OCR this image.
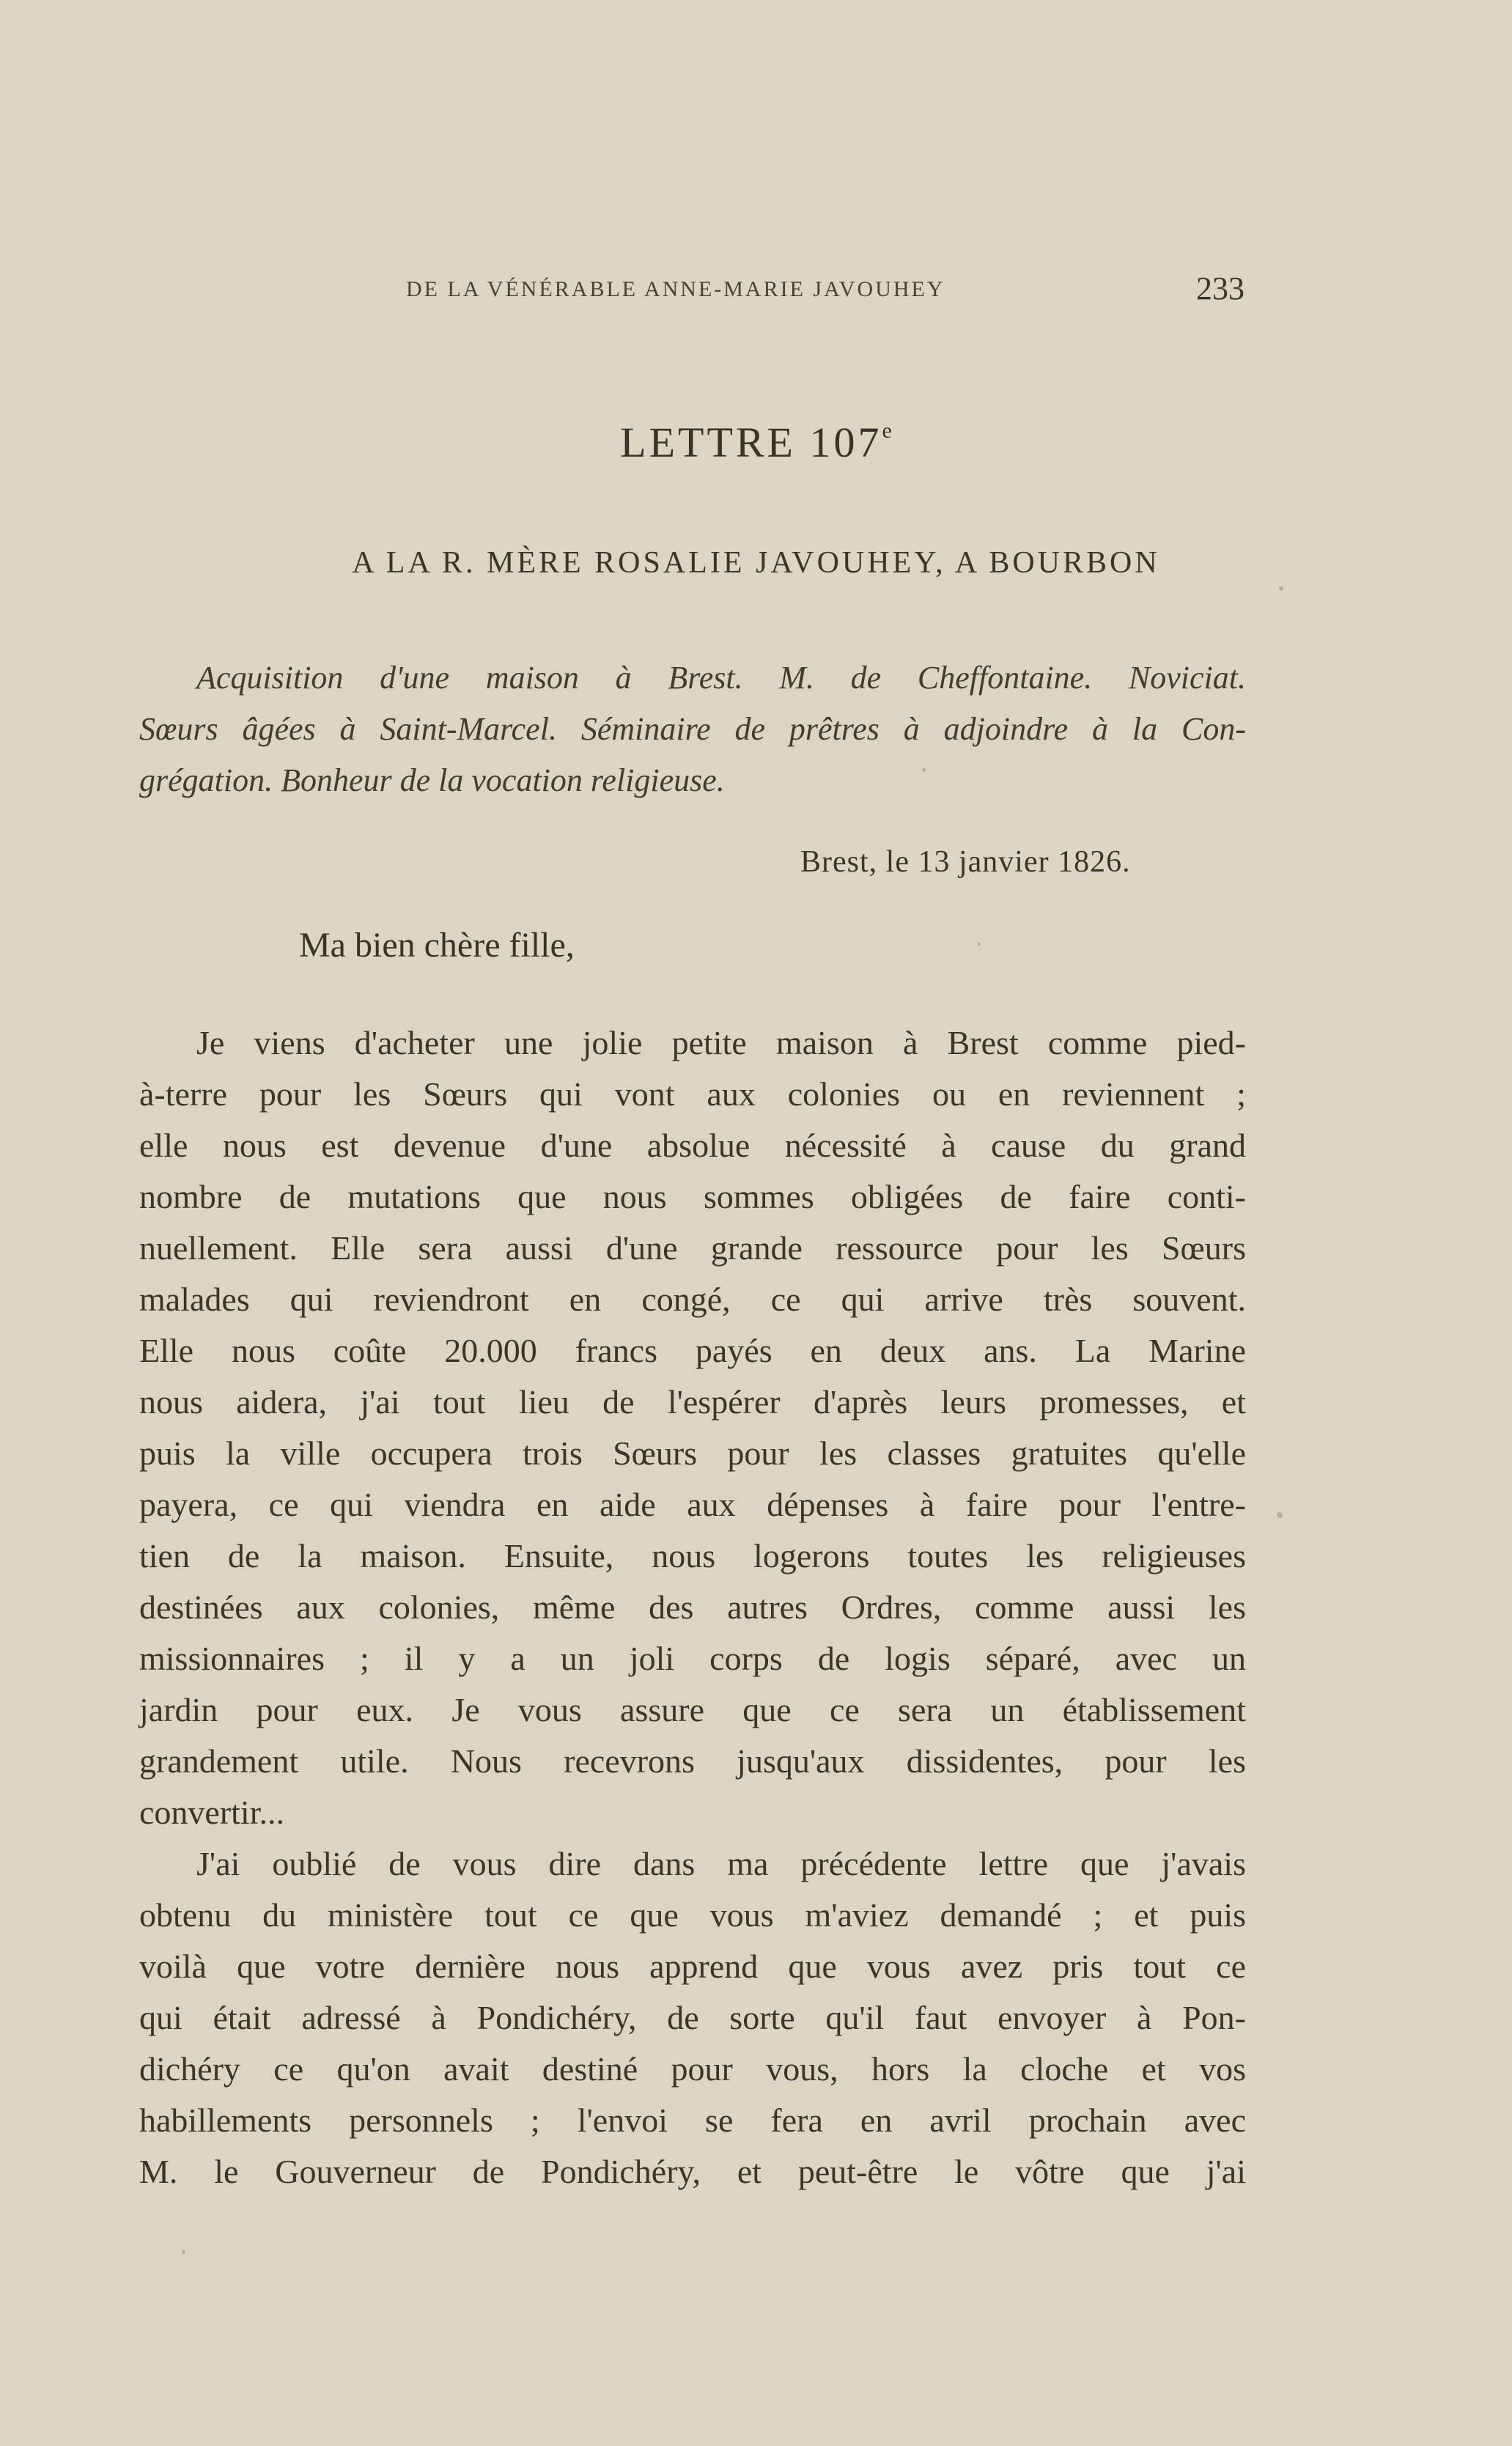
DE LA VÉNÉRABLE ANNE-MARIE JAVOUHEY	233
LETTRE 107e
A LA R. MÈRE ROSALIE JAVOUHEY, A BOURBON
Acquisition d'une maison à Brest. M. de Cheffontaine. Noviciat.
Sœurs âgées à Saint-Marcel. Séminaire de prêtres à adjoindre à la Con-
grégation. Bonheur de la vocation religieuse.
Brest, le 13 janvier 1826.
Ma bien chère fille,
Je viens d'acheter une jolie petite maison à Brest comme pied-
à-terre pour les Sœurs qui vont aux colonies ou en reviennent ;
elle nous est devenue d'une absolue nécessité à cause du grand
nombre de mutations que nous sommes obligées de faire conti-
nuellement. Elle sera aussi d'une grande ressource pour les Sœurs
malades qui reviendront en congé, ce qui arrive très souvent.
Elle nous coûte 20.000 francs payés en deux ans. La Marine
nous aidera, j'ai tout lieu de l'espérer d'après leurs promesses, et
puis la ville occupera trois Sœurs pour les classes gratuites qu'elle
payera, ce qui viendra en aide aux dépenses à faire pour l'entre-
tien de la maison. Ensuite, nous logerons toutes les religieuses
destinées aux colonies, même des autres Ordres, comme aussi les
missionnaires ; il y a un joli corps de logis séparé, avec un
jardin pour eux. Je vous assure que ce sera un établissement
grandement utile. Nous recevrons jusqu'aux dissidentes, pour les
convertir...
J'ai oublié de vous dire dans ma précédente lettre que j'avais
obtenu du ministère tout ce que vous m'aviez demandé ; et puis
voilà que votre dernière nous apprend que vous avez pris tout ce
qui était adressé à Pondichéry, de sorte qu'il faut envoyer à Pon-
dichéry ce qu'on avait destiné pour vous, hors la cloche et vos
habillements personnels ; l'envoi se fera en avril prochain avec
M. le Gouverneur de Pondichéry, et peut-être le vôtre que j'ai
